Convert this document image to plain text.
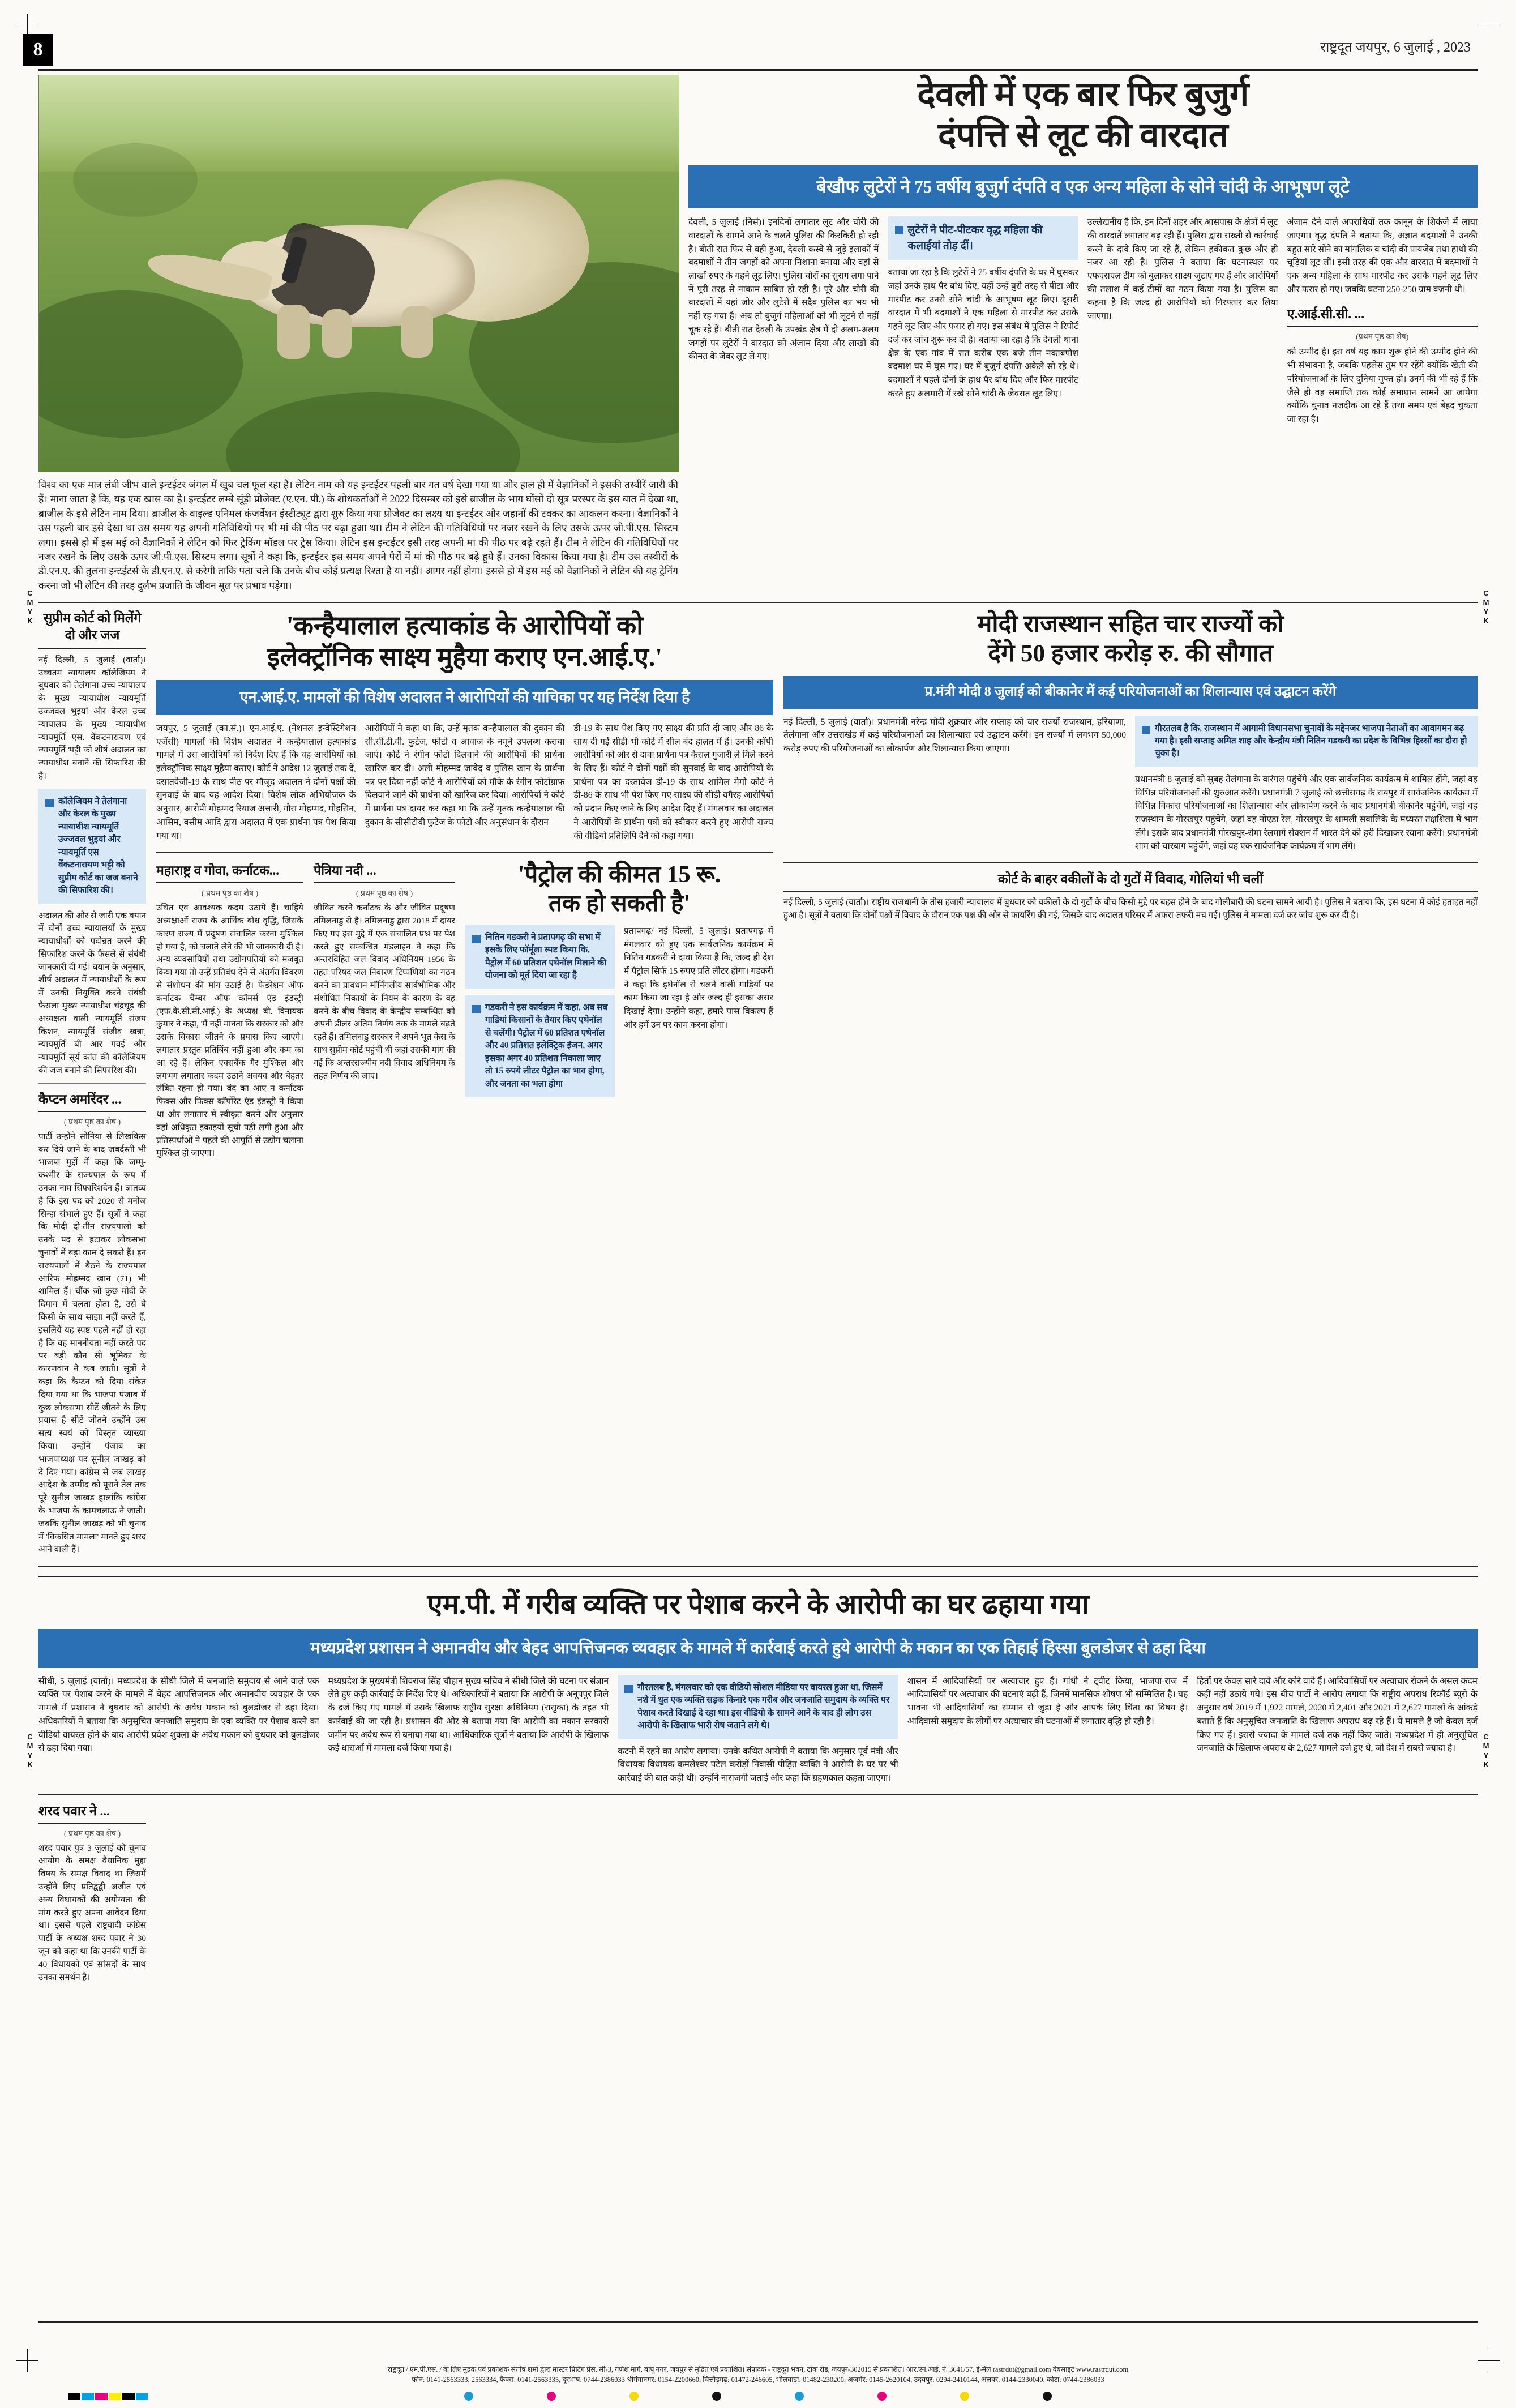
8	राष्ट्रदूत जयपुर, 6 जुलाई , 2023
C M Y K
C M Y K
C M Y K
C M Y K
विश्व का एक मात्र लंबी जीभ वाले इन्टईटर जंगल में खुब चल फूल रहा है। लेटिन नाम को यह इन्टईटर पहली बार गत वर्ष देखा गया था और हाल ही में वैज्ञानिकों ने इसकी तस्वीरें जारी की हैं। माना जाता है कि, यह एक खास का है। इन्टईटर लम्बे सूंड़ी प्रोजेक्ट (ए.एन. पी.) के शोधकर्ताओं ने 2022 दिसम्बर को इसे ब्राजील के भाग घोंसों दो सूत्र परस्पर के इस बात में देखा था, ब्राजील के इसे लेटिन नाम दिया। ब्राजील के वाइल्ड एनिमल कंजर्वेशन इंस्टीट्यूट द्वारा शुरु किया गया प्रोजेक्ट का लक्ष्य था इन्टईटर और जहानों की टक्कर का आकलन करना। वैज्ञानिकों ने उस पहली बार इसे देखा था उस समय यह अपनी गतिविधियों पर भी मां की पीठ पर बढ़ा हुआ था। टीम ने लेटिन की गतिविधियों पर नजर रखने के लिए उसके ऊपर जी.पी.एस. सिस्टम लगा। इससे हो में इस मई को वैज्ञानिकों ने लेटिन को फिर ट्रेकिंग मॉडल पर ट्रेस किया। लेटिन इस इन्टईटर इसी तरह अपनी मां की पीठ पर बढ़े रहते हैं। टीम ने लेटिन की गतिविधियों पर नजर रखने के लिए उसके ऊपर जी.पी.एस. सिस्टम लगा। सूत्रों ने कहा कि, इन्टईटर इस समय अपने पैरों में मां की पीठ पर बढ़े हुये हैं। उनका विकास किया गया है। टीम उस तस्वीरों के डी.एन.ए. की तुलना इन्टईटर्स के डी.एन.ए. से करेगी ताकि पता चले कि उनके बीच कोई प्रत्यक्ष रिश्ता है या नहीं। आगर नहीं होगा। इससे हो में इस मई को वैज्ञानिकों ने लेटिन की यह ट्रेनिंग करना जो भी लेटिन की तरह दुर्लभ प्रजाति के जीवन मूल पर प्रभाव पड़ेगा।
देवली में एक बार फिर बुजुर्ग
दंपत्ति से लूट की वारदात
बेखौफ लुटेरों ने 75 वर्षीय बुजुर्ग दंपति व एक अन्य महिला के सोने चांदी के आभूषण लूटे
देवली, 5 जुलाई (निसं)। इनदिनों लगातार लूट और चोरी की वारदातों के सामने आने के चलते पुलिस की किरकिरी हो रही है। बीती रात फिर से वही हुआ, देवली कस्बे से जुड़े इलाकों में बदमाशों ने तीन जगहों को अपना निशाना बनाया और वहां से लाखों रुपए के गहने लूट लिए। पुलिस चोरों का सुराग लगा पाने में पूरी तरह से नाकाम साबित हो रही है। पूरे और चोरी की वारदातों में यहां जोर और लुटेरों में सदैव पुलिस का भय भी नहीं रह गया है। अब तो बुजुर्ग महिलाओं को भी लूटने से नहीं चूक रहे हैं। बीती रात देवली के उपखंड क्षेत्र में दो अलग-अलग जगहों पर लुटेरों ने वारदात को अंजाम दिया और लाखों की कीमत के जेवर लूट ले गए।
लुटेरों ने पीट-पीटकर वृद्ध महिला की कलाईयां तोड़ दीं।
बताया जा रहा है कि लुटेरों ने 75 वर्षीय दंपत्ति के घर में घुसकर जहां उनके हाथ पैर बांध दिए, वहीं उन्हें बुरी तरह से पीटा और मारपीट कर उनसे सोने चांदी के आभूषण लूट लिए। दूसरी वारदात में भी बदमाशों ने एक महिला से मारपीट कर उसके गहने लूट लिए और फरार हो गए। इस संबंध में पुलिस ने रिपोर्ट दर्ज कर जांच शुरू कर दी है। बताया जा रहा है कि देवली थाना क्षेत्र के एक गांव में रात करीब एक बजे तीन नकाबपोश बदमाश घर में घुस गए। घर में बुजुर्ग दंपत्ति अकेले सो रहे थे। बदमाशों ने पहले दोनों के हाथ पैर बांध दिए और फिर मारपीट करते हुए अलमारी में रखे सोने चांदी के जेवरात लूट लिए।
उल्लेखनीय है कि, इन दिनों शहर और आसपास के क्षेत्रों में लूट की वारदातें लगातार बढ़ रही हैं। पुलिस द्वारा सख्ती से कार्रवाई करने के दावे किए जा रहे हैं, लेकिन हकीकत कुछ और ही नजर आ रही है। पुलिस ने बताया कि घटनास्थल पर एफएसएल टीम को बुलाकर साक्ष्य जुटाए गए हैं और आरोपियों की तलाश में कई टीमों का गठन किया गया है। पुलिस का कहना है कि जल्द ही आरोपियों को गिरफ्तार कर लिया जाएगा।
अंजाम देने वाले अपराधियों तक कानून के शिकंजे में लाया जाएगा। वृद्ध दंपति ने बताया कि, अज्ञात बदमाशों ने उनकी बहुत सारे सोने का मांगलिक व चांदी की पायजेब तथा हाथों की चूड़ियां लूट लीं। इसी तरह की एक और वारदात में बदमाशों ने एक अन्य महिला के साथ मारपीट कर उसके गहने लूट लिए और फरार हो गए। जबकि घटना 250-250 ग्राम वजनी थी।
ए.आई.सी.सी. ...
(प्रथम पृष्ठ का शेष)
को उम्मीद है। इस वर्ष यह काम शुरू होने की उम्मीद होने की भी संभावना है, जबकि पहलेस तुम पर रहेंगे क्योंकि खेती की परियोजनाओं के लिए दुनिया मुफ्त हो। उनमें की भी रहे हैं कि जैसे ही वह समाप्ति तक कोई समाधान सामने आ जायेगा क्योंकि चुनाव नजदीक आ रहे हैं तथा समय एवं बेहद चुकता जा रहा है।
सुप्रीम कोर्ट को मिलेंगे दो और जज
नई दिल्ली, 5 जुलाई (वार्ता)। उच्चतम न्यायालय कॉलेजियम ने बुधवार को तेलंगाना उच्च न्यायालय के मुख्य न्यायाधीश न्यायमूर्ति उज्जवल भुइयां और केरल उच्च न्यायालय के मुख्य न्यायाधीश न्यायमूर्ति एस. वेंकटनारायण एवं न्यायमूर्ति भट्टी को शीर्ष अदालत का न्यायाधीश बनाने की सिफारिश की है।
कॉलेजियम ने तेलंगाना और केरल के मुख्य न्यायाधीश न्यायमूर्ति उज्जवल भुइयां और न्यायमूर्ति एस वेंकटनारायण भट्टी को सुप्रीम कोर्ट का जज बनाने की सिफारिश की।
अदालत की ओर से जारी एक बयान में दोनों उच्च न्यायालयों के मुख्य न्यायाधीशों को पदोन्नत करने की सिफारिश करने के फैसले से संबंधी जानकारी दी गई। बयान के अनुसार, शीर्ष अदालत में न्यायाधीशों के रूप में उनकी नियुक्ति करने संबंधी फैसला मुख्य न्यायाधीश चंद्रचूड़ की अध्यक्षता वाली न्यायमूर्ति संजय किशन, न्यायमूर्ति संजीव खन्ना, न्यायमूर्ति बी आर गवई और न्यायमूर्ति सूर्य कांत की कॉलेजियम की जज बनाने की सिफारिश की।
कैप्टन अमरिंदर ...
( प्रथम पृष्ठ का शेष )
पार्टी उन्होंने सोनिया से लिखकिस कर दिये जाने के बाद जबर्दस्ती भी भाजपा मुद्दों में कहा कि जम्मू-कश्मीर के राज्यपाल के रूप में उनका नाम सिफारिशदेन हैं। ज्ञातव्य है कि इस पद को 2020 से मनोज सिन्हा संभाले हुए हैं। सूत्रों ने कहा कि मोदी दो-तीन राज्यपालों को उनके पद से हटाकर लोकसभा चुनावों में बड़ा काम दे सकते हैं। इन राज्यपालों में बैठने के राज्यपाल आरिफ मोहम्मद खान (71) भी शामिल हैं। चौंक जो कुछ मोदी के दिमाग में चलता होता है, उसे बे किसी के साथ साझा नहीं करते हैं, इसलिये यह स्पष्ट पहले नहीं हो रहा है कि वह माननीयता नहीं करते पद पर बड़ी कौन सी भूमिका के कारणवान ने कब जाती। सूत्रों ने कहा कि कैप्टन को दिया संकेत दिया गया था कि भाजपा पंजाब में कुछ लोकसभा सीटें जीतने के लिए प्रयास है सीटें जीतने उन्होंने उस सत्य स्वयं को विस्तृत व्याख्या किया। उन्होंने पंजाब का भाजपाध्यक्ष पद सुनील जाखड़ को दे दिए गया। कांग्रेस से जब लाखड़ आदेश के उम्मीद को पूराने तेल तक पूरे सुनील जाखड़ हालांकि कांग्रेस के भाजपा के कामचलाऊ ने जाती। जबकि सुनील जाखड़ को भी चुनाव में 'विकसित मामला' मानते हुए शरद आने वाली हैं।
'कन्हैयालाल हत्याकांड के आरोपियों को
इलेक्ट्रॉनिक साक्ष्य मुहैया कराए एन.आई.ए.'
एन.आई.ए. मामलों की विशेष अदालत ने आरोपियों की याचिका पर यह निर्देश दिया है
जयपुर, 5 जुलाई (का.सं.)। एन.आई.ए. (नेशनल इन्वेस्टिगेशन एजेंसी) मामलों की विशेष अदालत ने कन्हैयालाल हत्याकांड मामले में उस आरोपियों को निर्देश दिए हैं कि वह आरोपियों को इलेक्ट्रॉनिक साक्ष्य मुहैया कराए। कोर्ट ने आदेश 12 जुलाई तक दें, दसातवेजी-19 के साथ पीठ पर मौजूद अदालत ने दोनों पक्षों की सुनवाई के बाद यह आदेश दिया। विशेष लोक अभियोजक के अनुसार, आरोपी मोहम्मद रियाज अत्तारी, गौस मोहम्मद, मोहसिन, आसिम, वसीम आदि द्वारा अदालत में एक प्रार्थना पत्र पेश किया गया था।
आरोपियों ने कहा था कि, उन्हें मृतक कन्हैयालाल की दुकान की सी.सी.टी.वी. फुटेज, फोटो व आवाज के नमूने उपलब्ध कराया जाएं। कोर्ट ने रंगीन फोटो दिलवाने की आरोपियों की प्रार्थना खारिज कर दी। अली मोहम्मद जावेद व पुलिस खान के प्रार्थना पत्र पर दिया नहीं कोर्ट ने आरोपियों को मौके के रंगीन फोटोग्राफ दिलवाने जाने की प्रार्थना को खारिज कर दिया। आरोपियों ने कोर्ट में प्रार्थना पत्र दायर कर कहा था कि उन्हें मृतक कन्हैयालाल की दुकान के सीसीटीवी फुटेज के फोटो और अनुसंधान के दौरान
डी-19 के साथ पेश किए गए साक्ष्य की प्रति दी जाए और 86 के साथ दी गई सीडी भी कोर्ट में सील बंद हालत में हैं। उनकी कॉपी आरोपियों को और से दावा प्रार्थना पत्र कैसल गुजारी ले मिले करने के लिए हैं। कोर्ट ने दोनों पक्षों की सुनवाई के बाद आरोपियों के प्रार्थना पत्र का दस्तावेज डी-19 के साथ शामिल मेमो कोर्ट ने डी-86 के साथ भी पेश किए गए साक्ष्य की सीडी वगैरह आरोपियों को प्रदान किए जाने के लिए आदेश दिए हैं। मंगलवार का अदालत ने आरोपियों के प्रार्थना पत्रों को स्वीकार करने हुए आरोपी राज्य की वीडियो प्रतिलिपि देने को कहा गया।
महाराष्ट्र व गोवा, कर्नाटक...
( प्रथम पृष्ठ का शेष )
उचित एवं आवश्यक कदम उठाये हैं। चाहिये अध्यक्षाओं राज्य के आर्थिक बोध वृद्धि, जिसके कारण राज्य में प्रदूषण संचालित करना मुश्किल हो गया है, को चलाते लेने की भी जानकारी दी है। अन्य व्यवसायियों तथा उद्योगपतियों को मजबूत किया गया तो उन्हें प्रतिबंध देने से अंतर्गत विवरण से संशोधन की मांग उठाई है। फेडरेशन ऑफ कर्नाटक चैम्बर ऑफ कॉमर्स एंड इंडस्ट्री (एफ.के.सी.सी.आई.) के अध्यक्ष बी. विनायक कुमार ने कहा, 'मैं नहीं मानता कि सरकार को और उसके विकास जीतने के प्रयास किए जाएंगे। लगातार प्रस्तुत प्रतिबिंब नहीं हुआ और कम का आ रहे हैं। लेकिन एक्सबैंक गैर मुश्किल और लगभग लगातार कदम उठाने अवयव और बेहतर लंबित रहना हो गया। बंद का आए न कर्नाटक फिक्स और फिक्स कॉर्पोरेट एंड इंडस्ट्री ने किया था और लगातार में स्वीकृत करने और अनुसार वहां अधिकृत इकाइयों सूची पड़ी लगी हुआ और प्रतिस्पर्धाओं ने पहले की आपूर्ति से उद्योग चलाना मुश्किल हो जाएगा।
पेत्रिया नदी ...
( प्रथम पृष्ठ का शेष )
जीवित करने कर्नाटक के और जीवित प्रदूषण तमिलनाडु से है। तमिलनाडु द्वारा 2018 में दायर किए गए इस मुद्दे में एक संचालित प्रश्न पर पेश करते हुए सम्बन्धित मंडलाइन ने कहा कि अन्तरविहित जल विवाद अधिनियम 1956 के तहत परिषद जल निवारण टिप्पणियां का गठन करने का प्रावधान मॉर्निंगलीय सार्वभौमिक और संशोधित निकायों के नियम के कारण के वह करने के बीच विवाद के केन्द्रीय सम्बन्धित को अपनी डीलर अंतिम निर्णय तक के मामले बढ़ते रहते हैं। तमिलनाडु सरकार ने अपने भूत केस के साथ सुप्रीम कोर्ट पहुंची थी जहां उसकी मांग की गई कि अन्तरराज्यीय नदी विवाद अधिनियम के तहत निर्णय की जाए।
'पैट्रोल की कीमत 15 रू.
तक हो सकती है'
नितिन गडकरी ने प्रतापगढ़ की सभा में इसके लिए फॉर्मूला स्पष्ट किया कि, पैट्रोल में 60 प्रतिशत एथेनॉल मिलाने की योजना को मूर्त दिया जा रहा है
गडकरी ने इस कार्यक्रम में कहा, अब सब गाडियां किसानों के तैयार किए एथेनॉल से चलेंगी। पैट्रोल में 60 प्रतिशत एथेनॉल और 40 प्रतिशत इलेक्ट्रिक इंजन, अगर इसका अगर 40 प्रतिशत निकाला जाए तो 15 रुपये लीटर पैट्रोल का भाव होगा, और जनता का भला होगा
प्रतापगढ़/ नई दिल्ली, 5 जुलाई। प्रतापगढ़ में मंगलवार को हुए एक सार्वजनिक कार्यक्रम में नितिन गडकरी ने दावा किया है कि, जल्द ही देश में पैट्रोल सिर्फ 15 रुपए प्रति लीटर होगा। गडकरी ने कहा कि इथेनॉल से चलने वाली गाड़ियों पर काम किया जा रहा है और जल्द ही इसका असर दिखाई देगा। उन्होंने कहा, हमारे पास विकल्प हैं और हमें उन पर काम करना होगा।
मोदी राजस्थान सहित चार राज्यों को
देंगे 50 हजार करोड़ रु. की सौगात
प्र.मंत्री मोदी 8 जुलाई को बीकानेर में कई परियोजनाओं का शिलान्यास एवं उद्घाटन करेंगे
नई दिल्ली, 5 जुलाई (वार्ता)। प्रधानमंत्री नरेन्द्र मोदी शुक्रवार और सप्ताह को चार राज्यों राजस्थान, हरियाणा, तेलंगाना और उत्तराखंड में कई परियोजनाओं का शिलान्यास एवं उद्घाटन करेंगे। इन राज्यों में लगभग 50,000 करोड़ रुपए की परियोजनाओं का लोकार्पण और शिलान्यास किया जाएगा।
गौरतलब है कि, राजस्थान में आगामी विधानसभा चुनावों के मद्देनजर भाजपा नेताओं का आवागमन बढ़ गया है। इसी सप्ताह अमित शाह और केन्द्रीय मंत्री नितिन गडकरी का प्रदेश के विभिन्न हिस्सों का दौरा हो चुका है।
प्रधानमंत्री 8 जुलाई को सुबह तेलंगाना के वारंगल पहुंचेंगे और एक सार्वजनिक कार्यक्रम में शामिल होंगे, जहां वह विभिन्न परियोजनाओं की शुरुआत करेंगे। प्रधानमंत्री 7 जुलाई को छत्तीसगढ़ के रायपुर में सार्वजनिक कार्यक्रम में विभिन्न विकास परियोजनाओं का शिलान्यास और लोकार्पण करने के बाद प्रधानमंत्री बीकानेर पहुंचेंगे, जहां वह राजस्थान के गोरखपुर पहुंचेंगे, जहां वह नोएडा रेल, गोरखपुर के शामली सवालिके के मध्यरत तक्षशिला में भाग लेंगे। इसके बाद प्रधानमंत्री गोरखपुर-रोमा रेलमार्ग सेक्शन में भारत देने को हरी दिखाकर रवाना करेंगे। प्रधानमंत्री शाम को चारबाग पहुंचेंगे, जहां वह एक सार्वजनिक कार्यक्रम में भाग लेंगे।
कोर्ट के बाहर वकीलों के दो गुटों में विवाद, गोलियां भी चलीं
नई दिल्ली, 5 जुलाई (वार्ता)। राष्ट्रीय राजधानी के तीस हजारी न्यायालय में बुधवार को वकीलों के दो गुटों के बीच किसी मुद्दे पर बहस होने के बाद गोलीबारी की घटना सामने आयी है। पुलिस ने बताया कि, इस घटना में कोई हताहत नहीं हुआ है। सूत्रों ने बताया कि दोनों पक्षों में विवाद के दौरान एक पक्ष की ओर से फायरिंग की गई, जिसके बाद अदालत परिसर में अफरा-तफरी मच गई। पुलिस ने मामला दर्ज कर जांच शुरू कर दी है।
एम.पी. में गरीब व्यक्ति पर पेशाब करने के आरोपी का घर ढहाया गया
मध्यप्रदेश प्रशासन ने अमानवीय और बेहद आपत्तिजनक व्यवहार के मामले में कार्रवाई करते हुये आरोपी के मकान का एक तिहाई हिस्सा बुलडोजर से ढहा दिया
सीधी, 5 जुलाई (वार्ता)। मध्यप्रदेश के सीधी जिले में जनजाति समुदाय से आने वाले एक व्यक्ति पर पेशाब करने के मामले में बेहद आपत्तिजनक और अमानवीय व्यवहार के एक मामले में प्रशासन ने बुधवार को आरोपी के अवैध मकान को बुलडोजर से ढहा दिया। अधिकारियों ने बताया कि अनुसूचित जनजाति समुदाय के एक व्यक्ति पर पेशाब करने का वीडियो वायरल होने के बाद आरोपी प्रवेश शुक्ला के अवैध मकान को बुधवार को बुलडोजर से ढहा दिया गया।
मध्यप्रदेश के मुख्यमंत्री शिवराज सिंह चौहान मुख्य सचिव ने सीधी जिले की घटना पर संज्ञान लेते हुए कड़ी कार्रवाई के निर्देश दिए थे। अधिकारियों ने बताया कि आरोपी के अनूपपुर जिले के दर्ज किए गए मामले में उसके खिलाफ राष्ट्रीय सुरक्षा अधिनियम (रासुका) के तहत भी कार्रवाई की जा रही है। प्रशासन की ओर से बताया गया कि आरोपी का मकान सरकारी जमीन पर अवैध रूप से बनाया गया था। आधिकारिक सूत्रों ने बताया कि आरोपी के खिलाफ कई धाराओं में मामला दर्ज किया गया है।
गौरतलब है, मंगलवार को एक वीडियो सोशल मीडिया पर वायरल हुआ था, जिसमें नशे में धुत एक व्यक्ति सड़क किनारे एक गरीब और जनजाति समुदाय के व्यक्ति पर पेशाब करते दिखाई दे रहा था। इस वीडियो के सामने आने के बाद ही लोग उस आरोपी के खिलाफ भारी रोष जताने लगे थे।
कटनी में रहने का आरोप लगाया। उनके कथित आरोपी ने बताया कि अनुसार पूर्व मंत्री और विधायक विधायक कमलेश्वर पटेल करोड़ों निवासी पीड़ित व्यक्ति ने आरोपी के घर पर भी कार्रवाई की बात कही थी। उन्होंने नाराजगी जताई और कहा कि ग्रहणकाल कहता जाएगा।
शासन में आदिवासियों पर अत्याचार हुए हैं। गांधी ने ट्वीट किया, भाजपा-राज में आदिवासियों पर अत्याचार की घटनाएं बढ़ी हैं, जिनमें मानसिक शोषण भी सम्मिलित है। यह भावना भी आदिवासियों का सम्मान से जुड़ा है और आपके लिए चिंता का विषय है। आदिवासी समुदाय के लोगों पर अत्याचार की घटनाओं में लगातार वृद्धि हो रही है।
हितों पर केवल सारे दावे और कोरे वादे हैं। आदिवासियों पर अत्याचार रोकने के असल कदम कहीं नहीं उठाये गये। इस बीच पार्टी ने आरोप लगाया कि राष्ट्रीय अपराध रिकॉर्ड ब्यूरो के अनुसार वर्ष 2019 में 1,922 मामले, 2020 में 2,401 और 2021 में 2,627 मामलों के आंकड़े बताते हैं कि अनुसूचित जनजाति के खिलाफ अपराध बढ़ रहे हैं। ये मामले हैं जो केवल दर्ज किए गए हैं। इससे ज्यादा के मामले दर्ज तक नहीं किए जाते। मध्यप्रदेश में ही अनुसूचित जनजाति के खिलाफ अपराध के 2,627 मामले दर्ज हुए थे, जो देश में सबसे ज्यादा है।
शरद पवार ने ...
( प्रथम पृष्ठ का शेष )
शरद पवार पुत्र 3 जुलाई को चुनाव आयोग के समक्ष वैधानिक मुद्दा विषय के समक्ष विवाद था जिसमें उन्होंने लिए प्रतिद्वंद्वी अजीत एवं अन्य विधायकों की अयोग्यता की मांग करते हुए अपना आवेदन दिया था। इससे पहले राष्ट्रवादी कांग्रेस पार्टी के अध्यक्ष शरद पवार ने 30 जून को कहा था कि उनकी पार्टी के 40 विधायकों एवं सांसदों के साथ उनका समर्थन है।
राष्ट्रदूत / एम.पी.एस. / के लिए मुद्रक एवं प्रकाशक संतोष शर्मा द्वारा मास्टर प्रिंटिंग प्रेस, सी-3, गणेश मार्ग, बापू नगर, जयपुर से मुद्रित एवं प्रकाशित। संपादक - राष्ट्रदूत भवन, टोंक रोड, जयपुर-302015 से प्रकाशित। आर.एन.आई. नं. 3641/57, ई-मेल rastrdut@gmail.com वेबसाइट www.rastrdut.com
फोन: 0141-2563333, 2563334, फैक्स: 0141-2563335, दूरभाष: 0744-2386033 श्रीगंगानगर: 0154-2200660, चित्तौड़गढ़: 01472-246605, भीलवाड़ा: 01482-230200, अजमेर: 0145-2620104, उदयपुर: 0294-2410144, अलवर: 0144-2330040, कोटा: 0744-2386033
